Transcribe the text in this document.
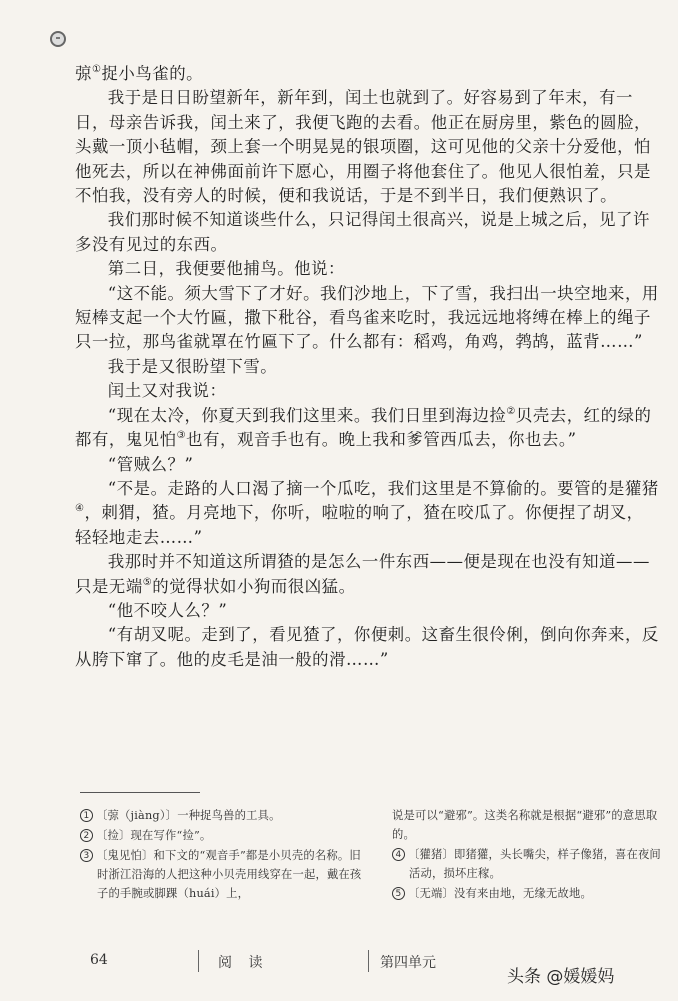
弶①捉小鸟雀的。

我于是日日盼望新年，新年到，闰土也就到了。好容易到了年末，有一日，母亲告诉我，闰土来了，我便飞跑的去看。他正在厨房里，紫色的圆脸，头戴一顶小毡帽，颈上套一个明晃晃的银项圈，这可见他的父亲十分爱他，怕他死去，所以在神佛面前许下愿心，用圈子将他套住了。他见人很怕羞，只是不怕我，没有旁人的时候，便和我说话，于是不到半日，我们便熟识了。

我们那时候不知道谈些什么，只记得闰土很高兴，说是上城之后，见了许多没有见过的东西。

第二日，我便要他捕鸟。他说：

“这不能。须大雪下了才好。我们沙地上，下了雪，我扫出一块空地来，用短棒支起一个大竹匾，撒下秕谷，看鸟雀来吃时，我远远地将缚在棒上的绳子只一拉，那鸟雀就罩在竹匾下了。什么都有：稻鸡，角鸡，鹁鸪，蓝背……”

我于是又很盼望下雪。

闰土又对我说：

“现在太冷，你夏天到我们这里来。我们日里到海边捡②贝壳去，红的绿的都有，鬼见怕③也有，观音手也有。晚上我和爹管西瓜去，你也去。”

“管贼么？”

“不是。走路的人口渴了摘一个瓜吃，我们这里是不算偷的。要管的是獾猪④，刺猬，猹。月亮地下，你听，啦啦的响了，猹在咬瓜了。你便捏了胡叉，轻轻地走去……”

我那时并不知道这所谓猹的是怎么一件东西——便是现在也没有知道——只是无端⑤的觉得状如小狗而很凶猛。

“他不咬人么？”

“有胡叉呢。走到了，看见猹了，你便刺。这畜生很伶俐，倒向你奔来，反从胯下窜了。他的皮毛是油一般的滑……”

1 〔弶（jiàng）〕一种捉鸟兽的工具。

2 〔捡〕现在写作“捡”。

3 〔鬼见怕〕和下文的“观音手”都是小贝壳的名称。旧时浙江沿海的人把这种小贝壳用线穿在一起，戴在孩子的手腕或脚踝（huái）上，

说是可以“避邪”。这类名称就是根据“避邪”的意思取的。

4 〔獾猪〕即猪獾，头长嘴尖，样子像猪，喜在夜间活动，损坏庄稼。

5 〔无端〕没有来由地，无缘无故地。

64	阅 读	第四单元
头条 @媛媛妈
